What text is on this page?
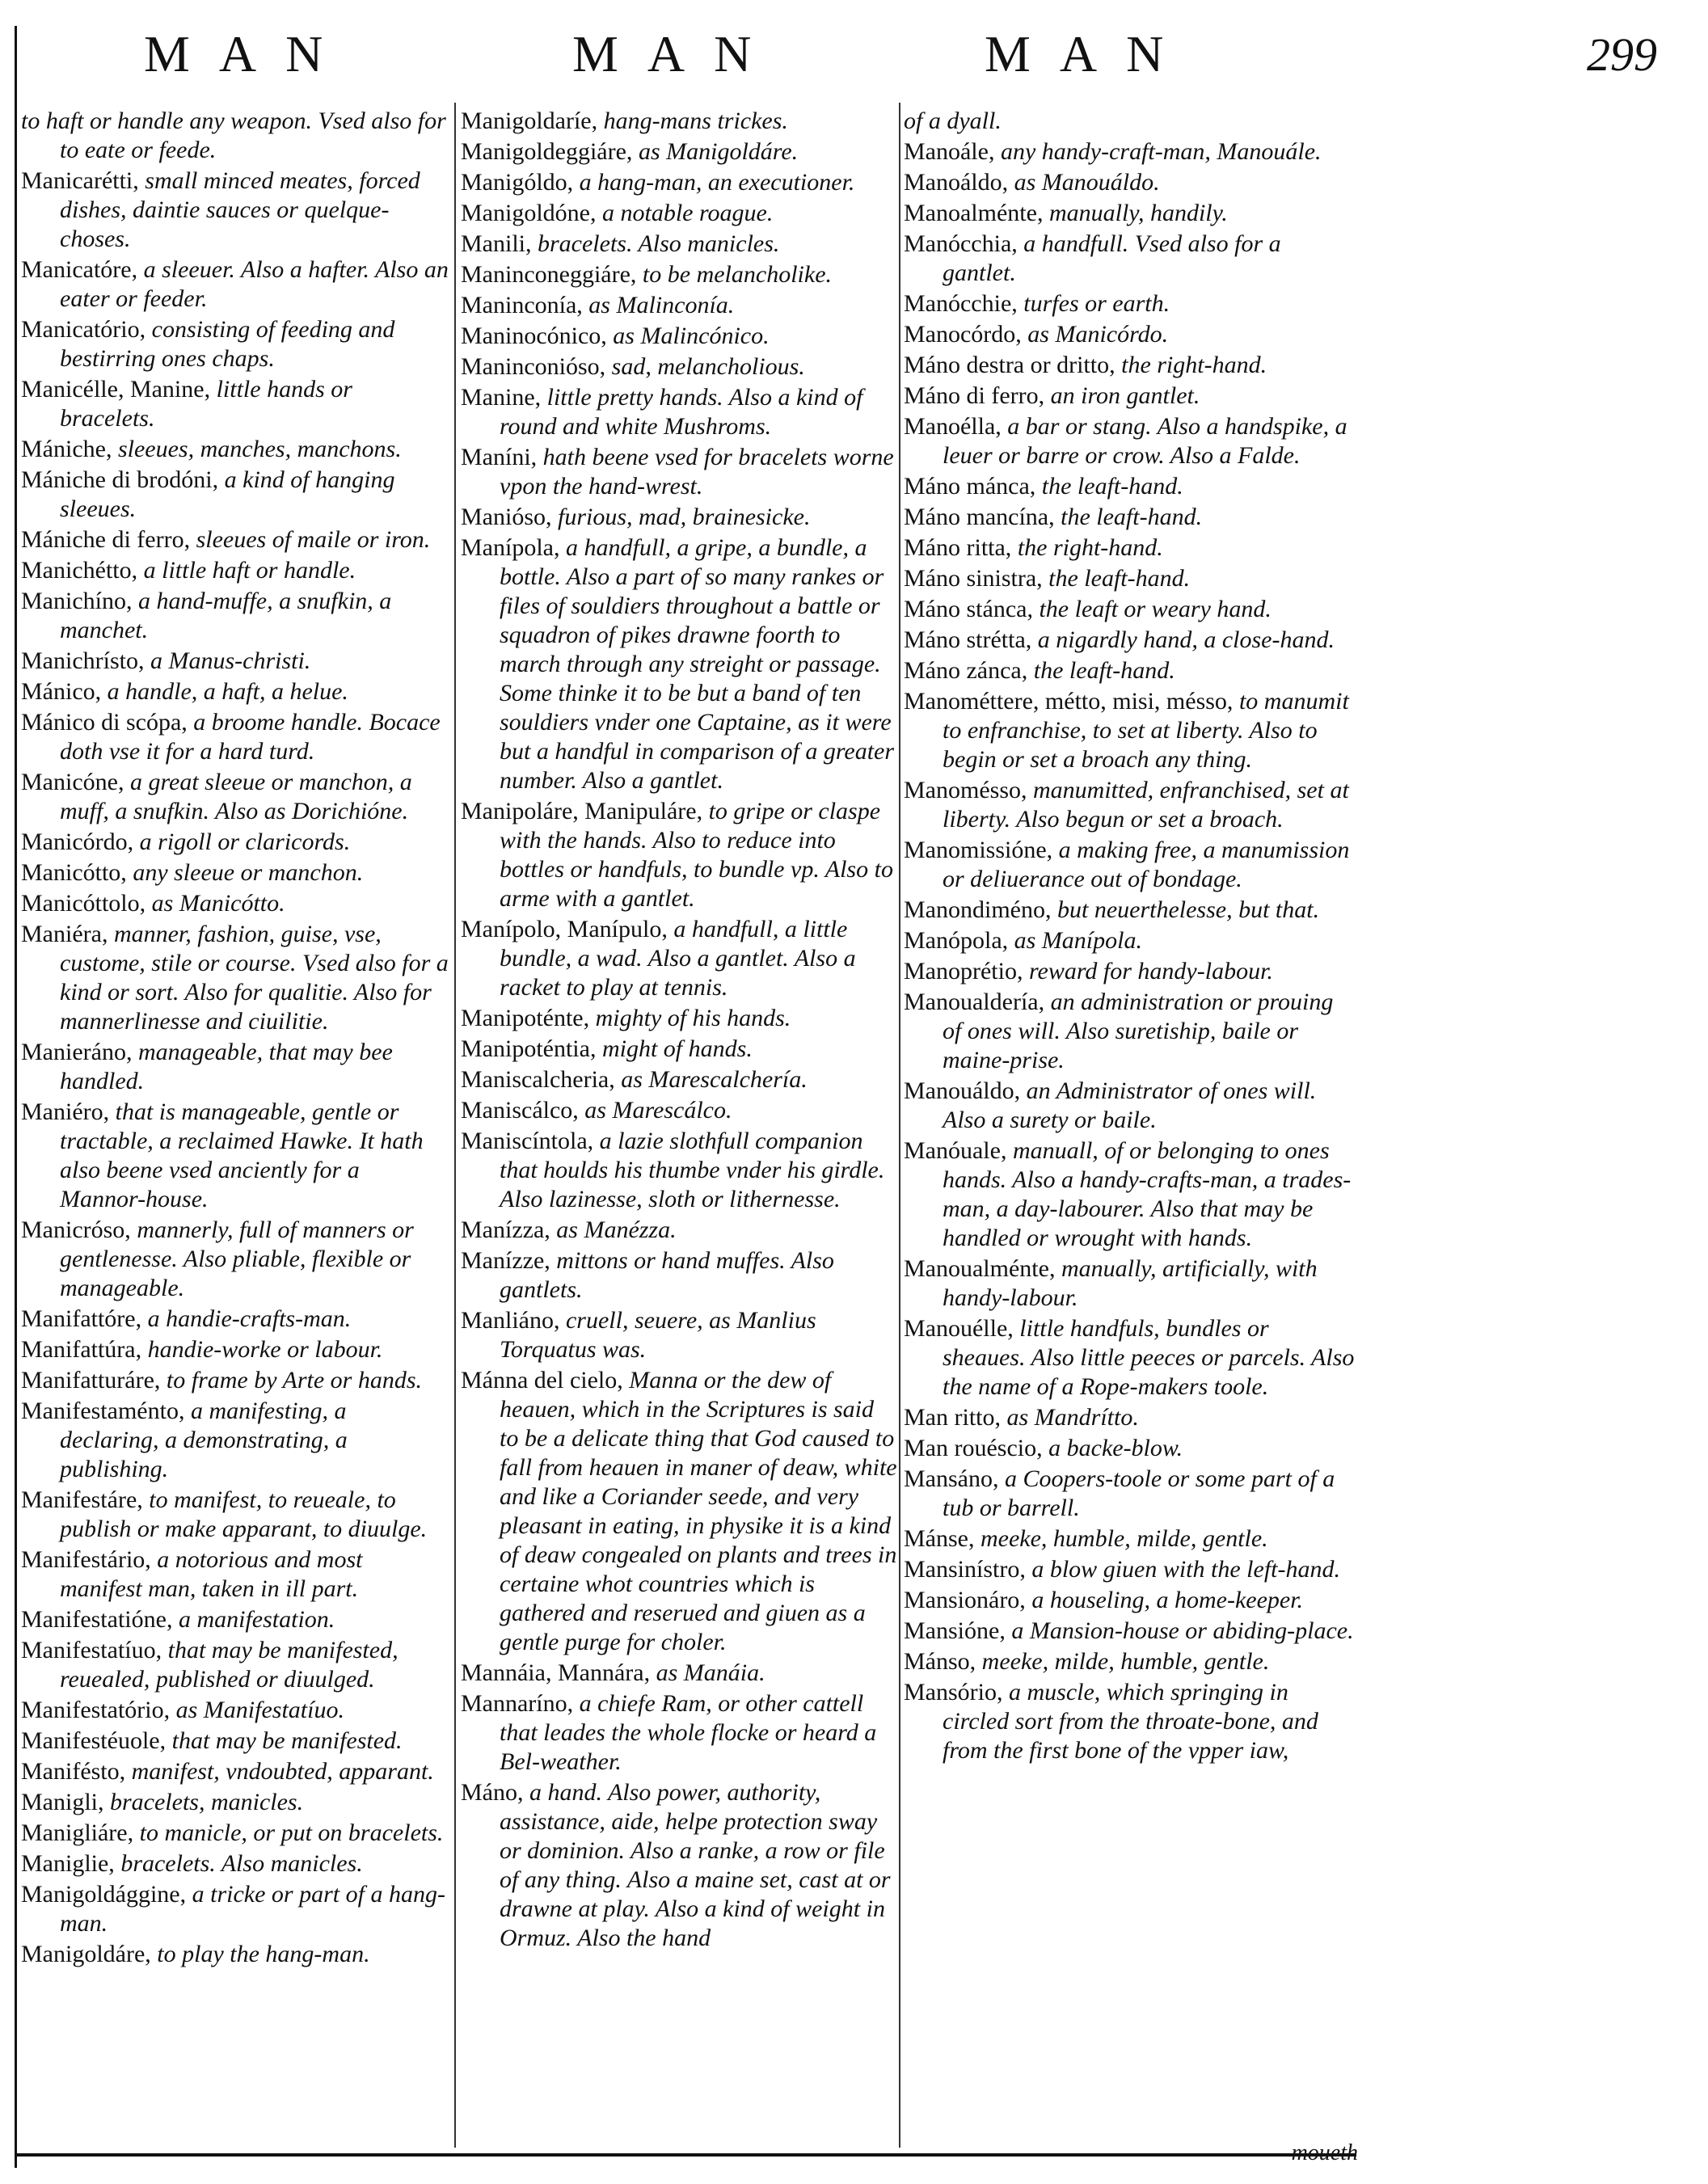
MAN	MAN	MAN	299
to haft or handle any weapon. Vsed also for to eate or feede.
Manicarétti, small minced meates, forced dishes, daintie sauces or quelque-choses.
Manicatóre, a sleeuer. Also a hafter. Also an eater or feeder.
Manicatório, consisting of feeding and bestirring ones chaps.
Manicélle, Manine, little hands or bracelets.
Mániche, sleeues, manches, manchons.
Mániche di brodóni, a kind of hanging sleeues.
Mániche di ferro, sleeues of maile or iron.
Manichétto, a little haft or handle.
Manichíno, a hand-muffe, a snufkin, a manchet.
Manichrísto, a Manus-christi.
Mánico, a handle, a haft, a helue.
Mánico di scópa, a broome handle. Bocace doth vse it for a hard turd.
Manicóne, a great sleeue or manchon, a muff, a snufkin. Also as Dorichióne.
Manicórdo, a rigoll or claricords.
Manicótto, any sleeue or manchon.
Manicóttolo, as Manicótto.
Maniéra, manner, fashion, guise, vse, custome, stile or course. Vsed also for a kind or sort. Also for qualitie. Also for mannerlinesse and ciuilitie.
Manieráno, manageable, that may bee handled.
Maniéro, that is manageable, gentle or tractable, a reclaimed Hawke. It hath also beene vsed anciently for a Mannor-house.
Manicróso, mannerly, full of manners or gentlenesse. Also pliable, flexible or manageable.
Manifattóre, a handie-crafts-man.
Manifattúra, handie-worke or labour.
Manifatturáre, to frame by Arte or hands.
Manifestaménto, a manifesting, a declaring, a demonstrating, a publishing.
Manifestáre, to manifest, to reueale, to publish or make apparant, to diuulge.
Manifestário, a notorious and most manifest man, taken in ill part.
Manifestatióne, a manifestation.
Manifestatíuo, that may be manifested, reuealed, published or diuulged.
Manifestatório, as Manifestatíuo.
Manifestéuole, that may be manifested.
Manifésto, manifest, vndoubted, apparant.
Manigli, bracelets, manicles.
Manigliáre, to manicle, or put on bracelets.
Maniglie, bracelets. Also manicles.
Manigoldággine, a tricke or part of a hang-man.
Manigoldáre, to play the hang-man.
Manigoldaríe, hang-mans trickes.
Manigoldeggiáre, as Manigoldáre.
Manigóldo, a hang-man, an executioner.
Manigoldóne, a notable roague.
Manili, bracelets. Also manicles.
Maninconeggiáre, to be melancholike.
Maninconía, as Malinconía.
Maninocónico, as Malincónico.
Maninconióso, sad, melancholious.
Manine, little pretty hands. Also a kind of round and white Mushroms.
Maníni, hath beene vsed for bracelets worne vpon the hand-wrest.
Manióso, furious, mad, brainesicke.
Manípola, a handfull, a gripe, a bundle, a bottle. Also a part of so many rankes or files of souldiers throughout a battle or squadron of pikes drawne foorth to march through any streight or passage. Some thinke it to be but a band of ten souldiers vnder one Captaine, as it were but a handful in comparison of a greater number. Also a gantlet.
Manipoláre, Manipuláre, to gripe or claspe with the hands. Also to reduce into bottles or handfuls, to bundle vp. Also to arme with a gantlet.
Manípolo, Manípulo, a handfull, a little bundle, a wad. Also a gantlet. Also a racket to play at tennis.
Manipoténte, mighty of his hands.
Manipoténtia, might of hands.
Maniscalcheria, as Marescalchería.
Maniscálco, as Marescálco.
Maniscíntola, a lazie slothfull companion that houlds his thumbe vnder his girdle. Also lazinesse, sloth or lithernesse.
Manízza, as Manézza.
Manízze, mittons or hand muffes. Also gantlets.
Manliáno, cruell, seuere, as Manlius Torquatus was.
Mánna del cielo, Manna or the dew of heauen, which in the Scriptures is said to be a delicate thing that God caused to fall from heauen in maner of deaw, white and like a Coriander seede, and very pleasant in eating, in physike it is a kind of deaw congealed on plants and trees in certaine whot countries which is gathered and reserued and giuen as a gentle purge for choler.
Mannáia, Mannára, as Manáia.
Mannaríno, a chiefe Ram, or other cattell that leades the whole flocke or heard a Bel-weather.
Máno, a hand. Also power, authority, assistance, aide, helpe protection sway or dominion. Also a ranke, a row or file of any thing. Also a maine set, cast at or drawne at play. Also a kind of weight in Ormuz. Also the hand
of a dyall.
Manoále, any handy-craft-man, Manouále.
Manoáldo, as Manouáldo.
Manoalménte, manually, handily.
Manócchia, a handfull. Vsed also for a gantlet.
Manócchie, turfes or earth.
Manocórdo, as Manicórdo.
Máno destra or dritto, the right-hand.
Máno di ferro, an iron gantlet.
Manoélla, a bar or stang. Also a handspike, a leuer or barre or crow. Also a Falde.
Máno mánca, the leaft-hand.
Máno mancína, the leaft-hand.
Máno ritta, the right-hand.
Máno sinistra, the leaft-hand.
Máno stánca, the leaft or weary hand.
Máno strétta, a nigardly hand, a close-hand.
Máno zánca, the leaft-hand.
Manométtere, métto, misi, mésso, to manumit to enfranchise, to set at liberty. Also to begin or set a broach any thing.
Manomésso, manumitted, enfranchised, set at liberty. Also begun or set a broach.
Manomissióne, a making free, a manumission or deliuerance out of bondage.
Manondiméno, but neuerthelesse, but that.
Manópola, as Manípola.
Manoprétio, reward for handy-labour.
Manoualdería, an administration or prouing of ones will. Also suretiship, baile or maine-prise.
Manouáldo, an Administrator of ones will. Also a surety or baile.
Manóuale, manuall, of or belonging to ones hands. Also a handy-crafts-man, a trades-man, a day-labourer. Also that may be handled or wrought with hands.
Manoualménte, manually, artificially, with handy-labour.
Manouélle, little handfuls, bundles or sheaues. Also little peeces or parcels. Also the name of a Rope-makers toole.
Man ritto, as Mandrítto.
Man rouéscio, a backe-blow.
Mansáno, a Coopers-toole or some part of a tub or barrell.
Mánse, meeke, humble, milde, gentle.
Mansinístro, a blow giuen with the left-hand.
Mansionáro, a houseling, a home-keeper.
Mansióne, a Mansion-house or abiding-place.
Mánso, meeke, milde, humble, gentle.
Mansório, a muscle, which springing in circled sort from the throate-bone, and from the first bone of the vpper iaw,
moueth
